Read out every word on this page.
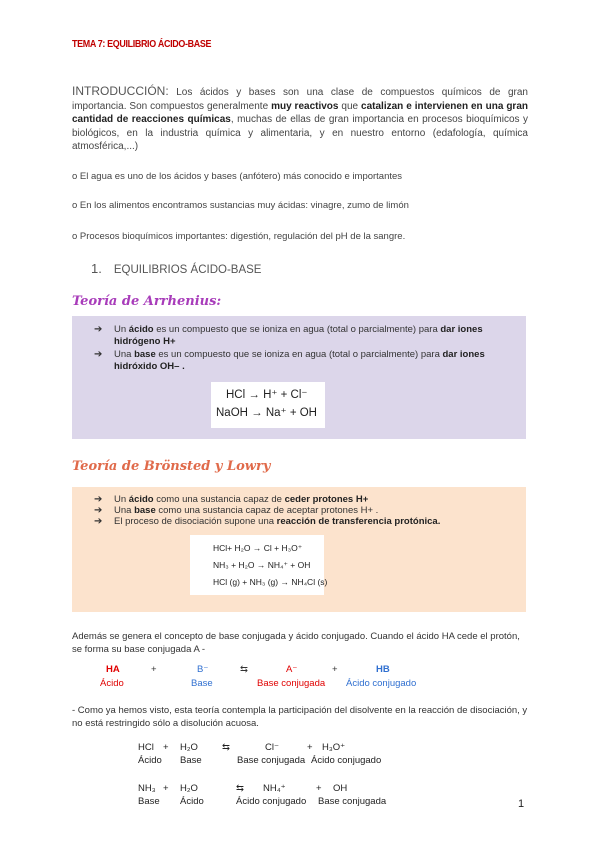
TEMA 7: EQUILIBRIO ÁCIDO-BASE
INTRODUCCIÓN: Los ácidos y bases son una clase de compuestos químicos de gran importancia. Son compuestos generalmente muy reactivos que catalizan e intervienen en una gran cantidad de reacciones químicas, muchas de ellas de gran importancia en procesos bioquímicos y biológicos, en la industria química y alimentaria, y en nuestro entorno (edafología, química atmosférica,...)
o El agua es uno de los ácidos y bases (anfótero) más conocido e importantes
o En los alimentos encontramos sustancias muy ácidas: vinagre, zumo de limón
o Procesos bioquímicos importantes: digestión, regulación del pH de la sangre.
1. EQUILIBRIOS ÁCIDO-BASE
Teoría de Arrhenius:
➔ Un ácido es un compuesto que se ioniza en agua (total o parcialmente) para dar iones hidrógeno H+
➔ Una base es un compuesto que se ioniza en agua (total o parcialmente) para dar iones hidróxido OH– .
HCl → H⁺ + Cl⁻
NaOH → Na⁺ + OH
Teoría de Brönsted y Lowry
➔ Un ácido como una sustancia capaz de ceder protones H+
➔ Una base como una sustancia capaz de aceptar protones H+ .
➔ El proceso de disociación supone una reacción de transferencia protónica.
HCl+ H₂O → Cl + H₃O⁺
NH₃ + H₂O → NH₄⁺ + OH
HCl (g) + NH₃ (g) → NH₄Cl (s)
Además se genera el concepto de base conjugada y ácido conjugado. Cuando el ácido HA cede el protón, se forma su base conjugada A -
HA	+	B⁻	⇆	A⁻	+	HB
Ácido	Base	Base conjugada Ácido conjugado
- Como ya hemos visto, esta teoría contempla la participación del disolvente en la reacción de disociación, y no está restringido sólo a disolución acuosa.
HCl + H₂O	⇆	Cl⁻	+ H₃O⁺
Ácido Base	Base conjugada Ácido conjugado
NH₃ + H₂O	⇆ NH₄⁺	+ OH
Base Ácido	Ácido conjugado Base conjugada	1
